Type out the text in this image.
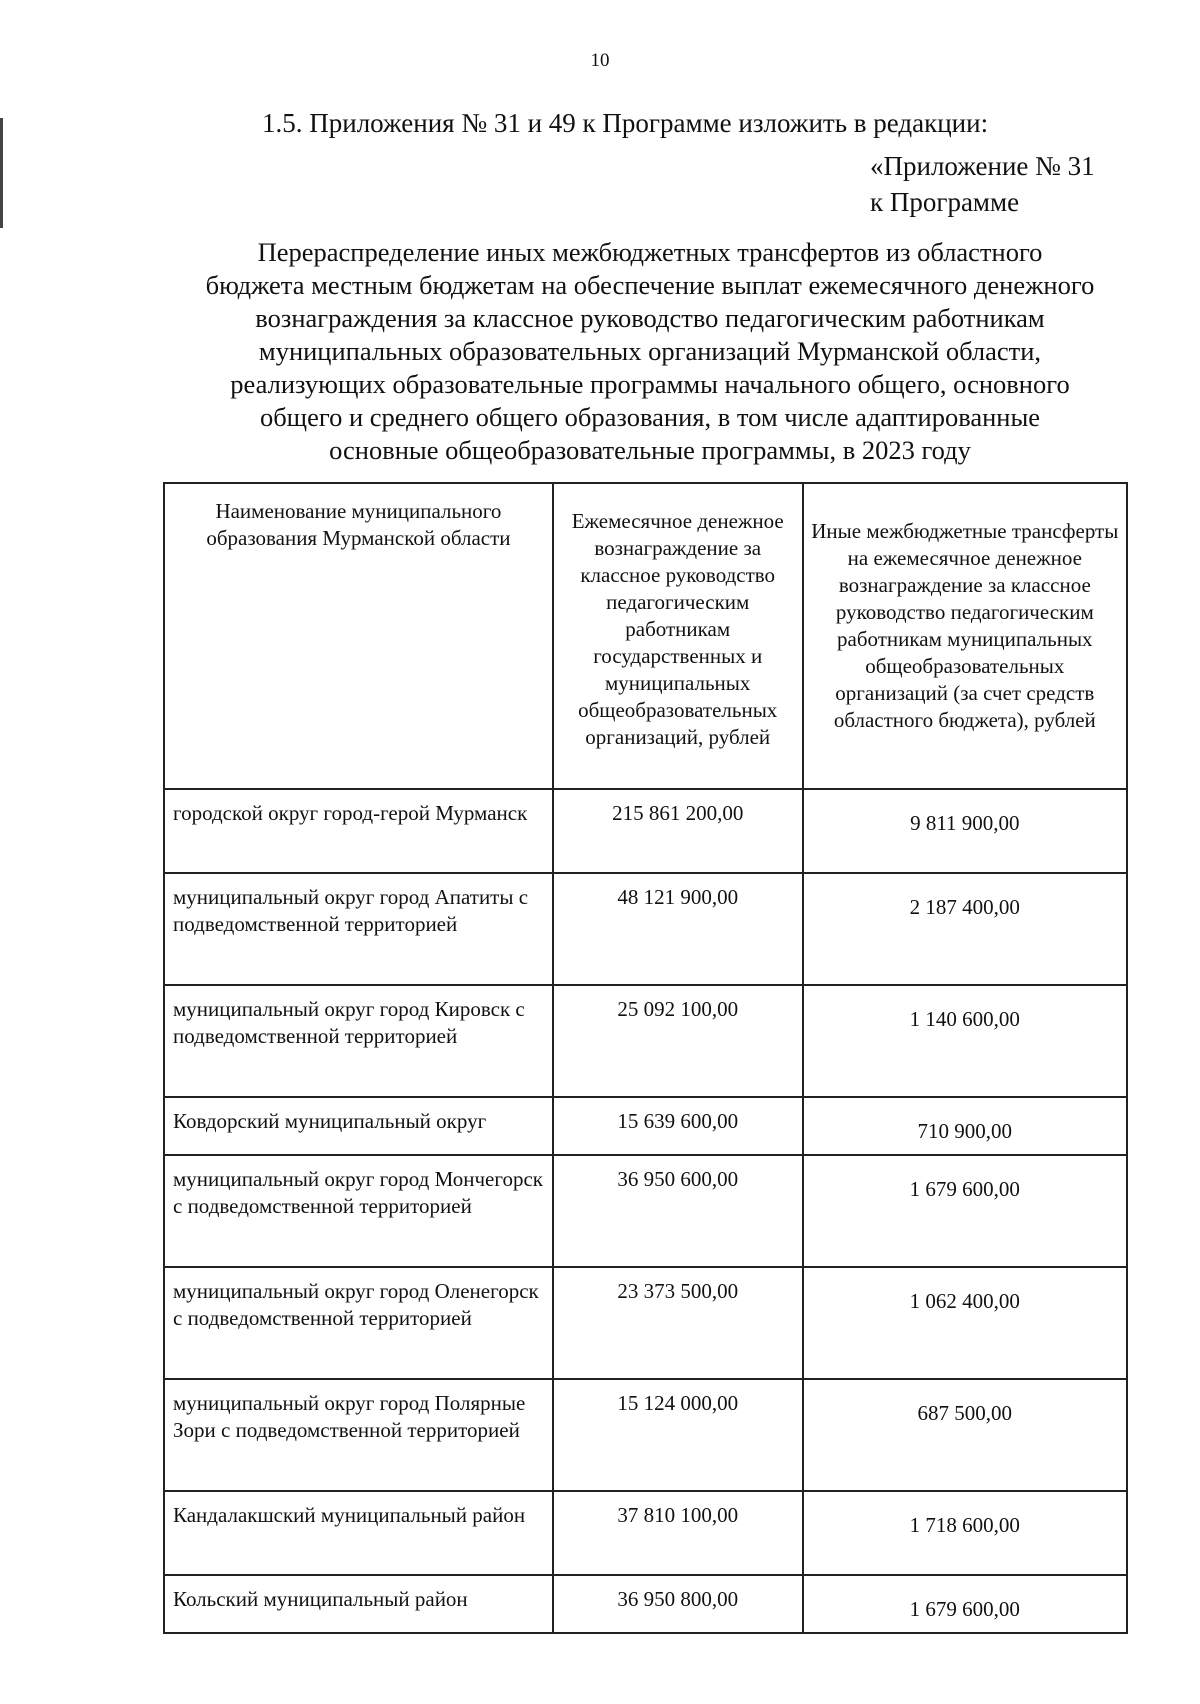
10
1.5. Приложения № 31 и 49 к Программе изложить в редакции:
«Приложение № 31
к Программе
Перераспределение иных межбюджетных трансфертов из областного
бюджета местным бюджетам на обеспечение выплат ежемесячного денежного
вознаграждения за классное руководство педагогическим работникам
муниципальных образовательных организаций Мурманской области,
реализующих образовательные программы начального общего, основного
общего и среднего общего образования, в том числе адаптированные
основные общеобразовательные программы, в 2023 году
Наименование муниципального образования Мурманской области	Ежемесячное денежное вознаграждение за классное руководство педагогическим работникам государственных и муниципальных общеобразовательных организаций, рублей	Иные межбюджетные трансферты на ежемесячное денежное вознаграждение за классное руководство педагогическим работникам муниципальных общеобразовательных организаций (за счет средств областного бюджета), рублей
городской округ город-герой Мурманск	215 861 200,00	9 811 900,00
муниципальный округ город Апатиты с подведомственной территорией	48 121 900,00	2 187 400,00
муниципальный округ город Кировск с подведомственной территорией	25 092 100,00	1 140 600,00
Ковдорский муниципальный округ	15 639 600,00	710 900,00
муниципальный округ город Мончегорск с подведомственной территорией	36 950 600,00	1 679 600,00
муниципальный округ город Оленегорск с подведомственной территорией	23 373 500,00	1 062 400,00
муниципальный округ город Полярные Зори с подведомственной территорией	15 124 000,00	687 500,00
Кандалакшский муниципальный район	37 810 100,00	1 718 600,00
Кольский муниципальный район	36 950 800,00	1 679 600,00
